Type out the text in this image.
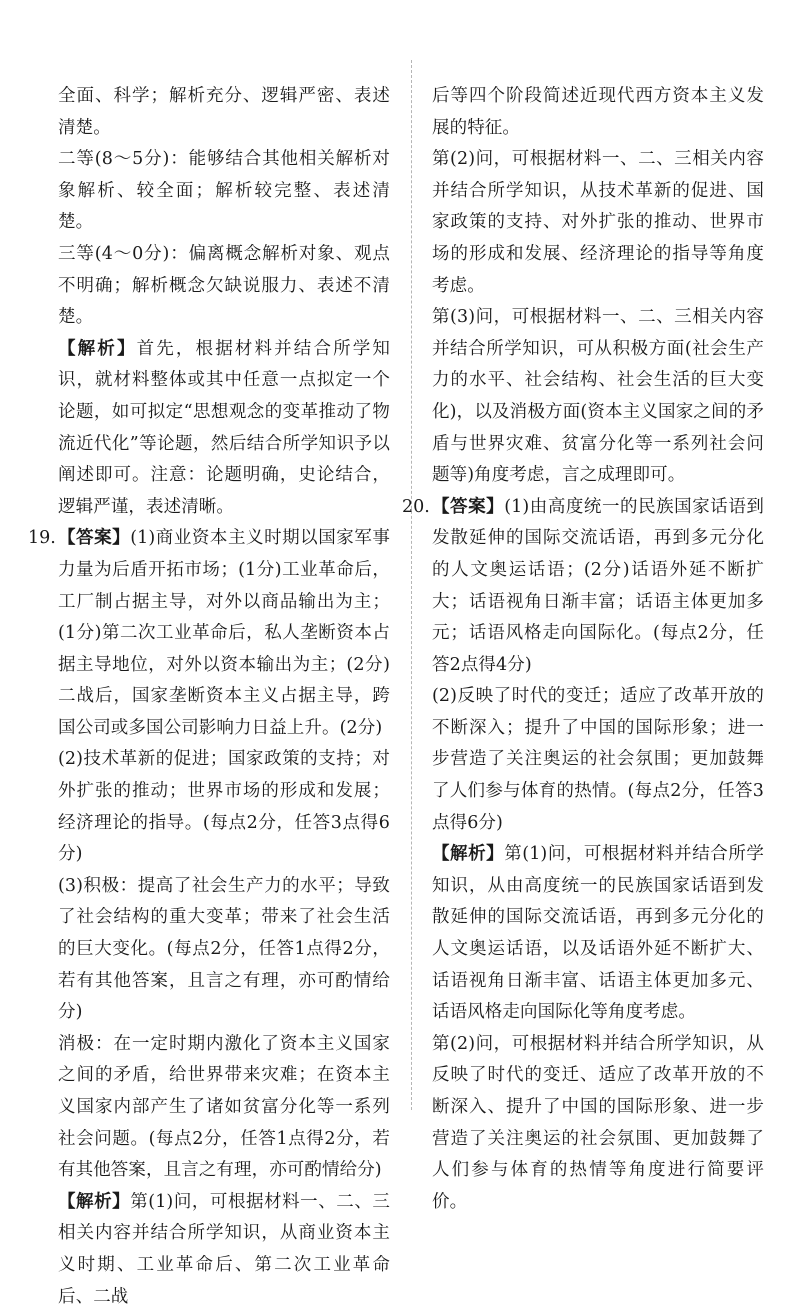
全面、科学；解析充分、逻辑严密、表述清楚。

二等(8～5分)：能够结合其他相关解析对象解析、较全面；解析较完整、表述清楚。

三等(4～0分)：偏离概念解析对象、观点不明确；解析概念欠缺说服力、表述不清楚。

【解析】首先，根据材料并结合所学知识，就材料整体或其中任意一点拟定一个论题，如可拟定“思想观念的变革推动了物流近代化”等论题，然后结合所学知识予以阐述即可。注意：论题明确，史论结合，逻辑严谨，表述清晰。

19. 【答案】(1)商业资本主义时期以国家军事力量为后盾开拓市场；(1分)工业革命后，工厂制占据主导，对外以商品输出为主；(1分)第二次工业革命后，私人垄断资本占据主导地位，对外以资本输出为主；(2分)二战后，国家垄断资本主义占据主导，跨国公司或多国公司影响力日益上升。(2分)

(2)技术革新的促进；国家政策的支持；对外扩张的推动；世界市场的形成和发展；经济理论的指导。(每点2分，任答3点得6分)

(3)积极：提高了社会生产力的水平；导致了社会结构的重大变革；带来了社会生活的巨大变化。(每点2分，任答1点得2分，若有其他答案，且言之有理，亦可酌情给分)

消极：在一定时期内激化了资本主义国家之间的矛盾，给世界带来灾难；在资本主义国家内部产生了诸如贫富分化等一系列社会问题。(每点2分，任答1点得2分，若有其他答案，且言之有理，亦可酌情给分)

【解析】第(1)问，可根据材料一、二、三相关内容并结合所学知识，从商业资本主义时期、工业革命后、第二次工业革命后、二战

后等四个阶段简述近现代西方资本主义发展的特征。

第(2)问，可根据材料一、二、三相关内容并结合所学知识，从技术革新的促进、国家政策的支持、对外扩张的推动、世界市场的形成和发展、经济理论的指导等角度考虑。

第(3)问，可根据材料一、二、三相关内容并结合所学知识，可从积极方面(社会生产力的水平、社会结构、社会生活的巨大变化)，以及消极方面(资本主义国家之间的矛盾与世界灾难、贫富分化等一系列社会问题等)角度考虑，言之成理即可。

20. 【答案】(1)由高度统一的民族国家话语到发散延伸的国际交流话语，再到多元分化的人文奥运话语；(2分)话语外延不断扩大；话语视角日渐丰富；话语主体更加多元；话语风格走向国际化。(每点2分，任答2点得4分)

(2)反映了时代的变迁；适应了改革开放的不断深入；提升了中国的国际形象；进一步营造了关注奥运的社会氛围；更加鼓舞了人们参与体育的热情。(每点2分，任答3点得6分)

【解析】第(1)问，可根据材料并结合所学知识，从由高度统一的民族国家话语到发散延伸的国际交流话语，再到多元分化的人文奥运话语，以及话语外延不断扩大、话语视角日渐丰富、话语主体更加多元、话语风格走向国际化等角度考虑。

第(2)问，可根据材料并结合所学知识，从反映了时代的变迁、适应了改革开放的不断深入、提升了中国的国际形象、进一步营造了关注奥运的社会氛围、更加鼓舞了人们参与体育的热情等角度进行简要评价。
